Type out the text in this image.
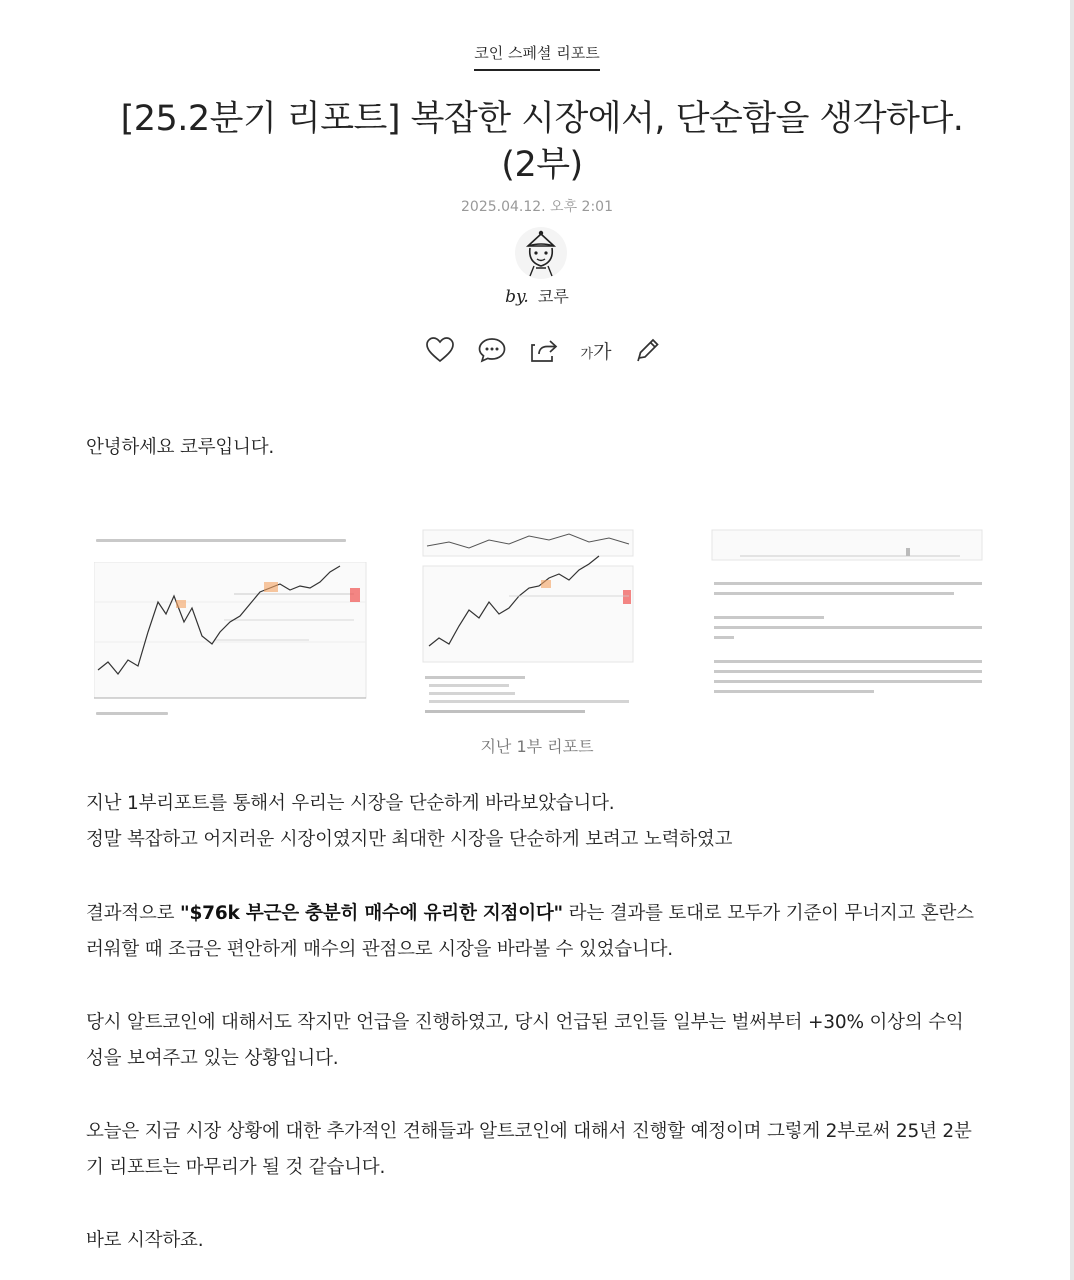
코인 스페셜 리포트
[25.2분기 리포트] 복잡한 시장에서, 단순함을 생각하다. (2부)
2025.04.12. 오후 2:01
by. 코루
가가
안녕하세요 코루입니다.
지난 1부 리포트
지난 1부리포트를 통해서 우리는 시장을 단순하게 바라보았습니다.
정말 복잡하고 어지러운 시장이였지만 최대한 시장을 단순하게 보려고 노력하였고
결과적으로 "$76k 부근은 충분히 매수에 유리한 지점이다" 라는 결과를 토대로 모두가 기준이 무너지고 혼란스
러워할 때 조금은 편안하게 매수의 관점으로 시장을 바라볼 수 있었습니다.
당시 알트코인에 대해서도 작지만 언급을 진행하였고, 당시 언급된 코인들 일부는 벌써부터 +30% 이상의 수익
성을 보여주고 있는 상황입니다.
오늘은 지금 시장 상황에 대한 추가적인 견해들과 알트코인에 대해서 진행할 예정이며 그렇게 2부로써 25년 2분
기 리포트는 마무리가 될 것 같습니다.
바로 시작하죠.
